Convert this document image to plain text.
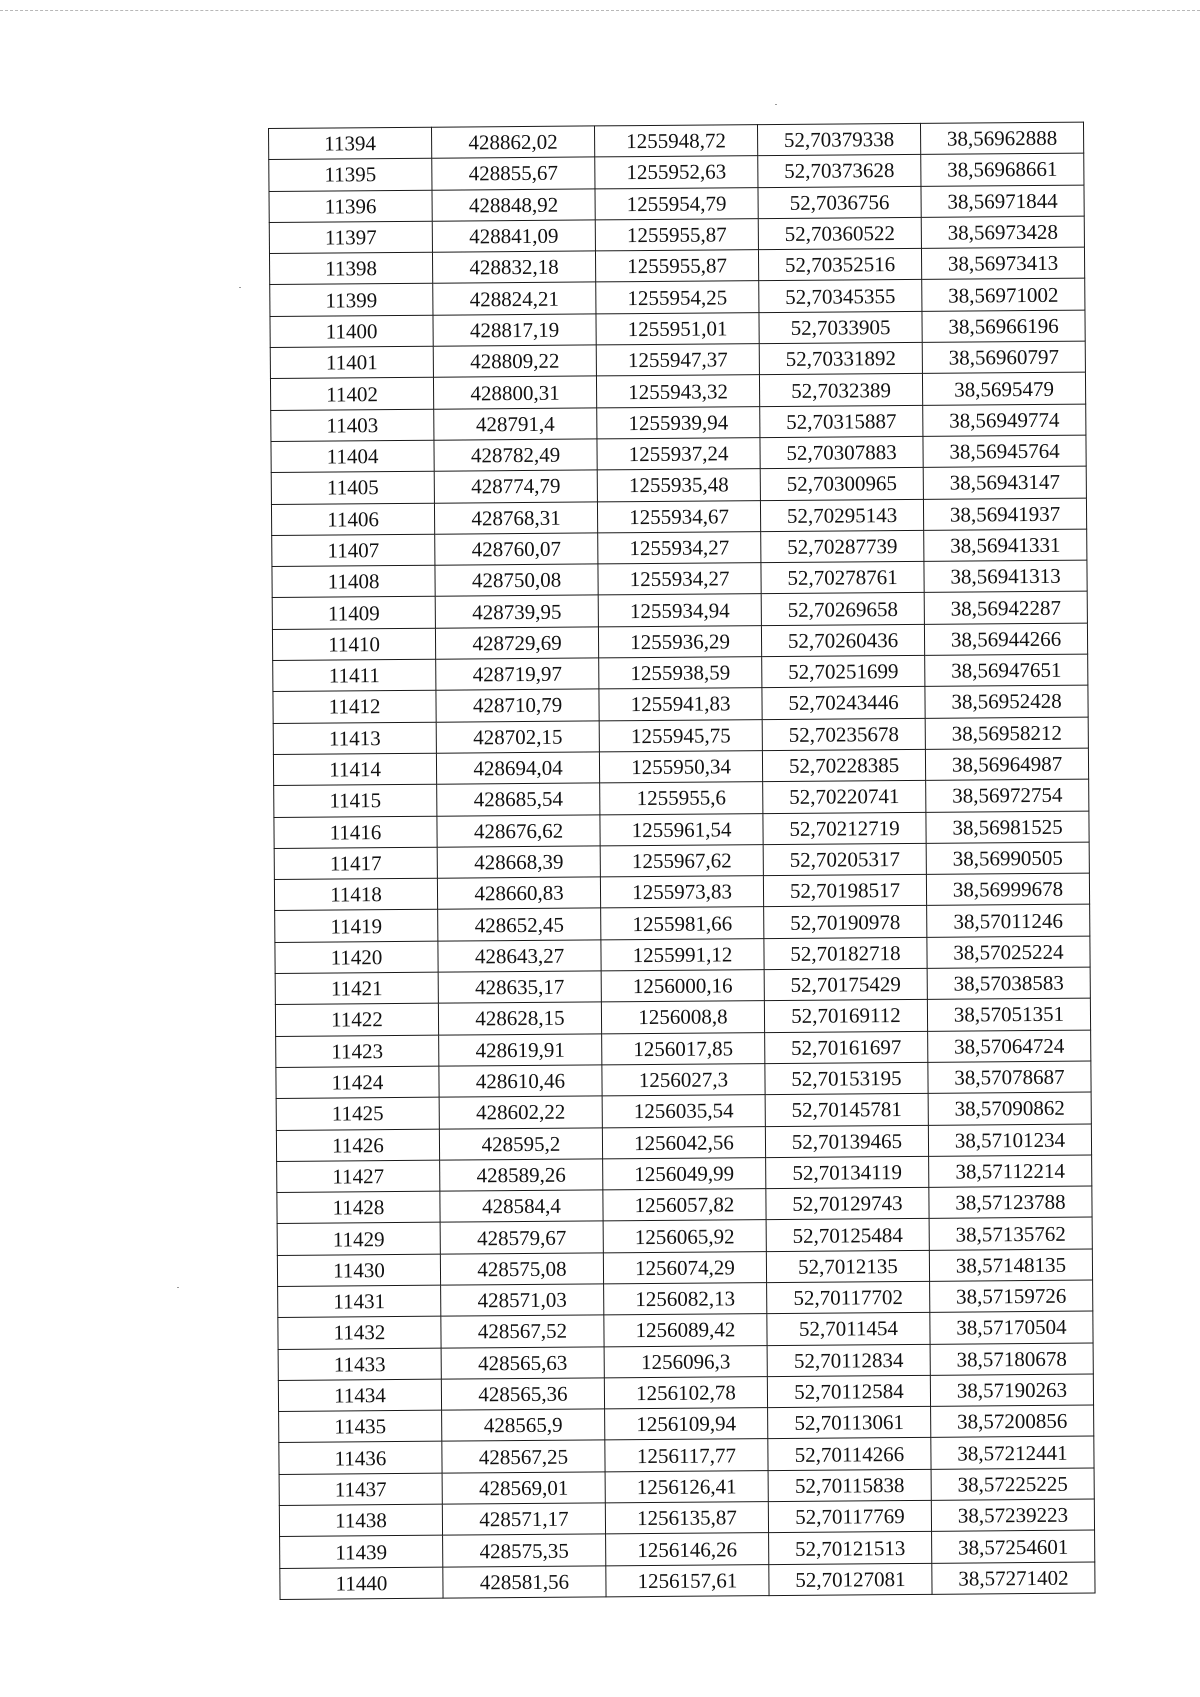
11394	428862,02	1255948,72	52,70379338	38,56962888
11395	428855,67	1255952,63	52,70373628	38,56968661
11396	428848,92	1255954,79	52,7036756	38,56971844
11397	428841,09	1255955,87	52,70360522	38,56973428
11398	428832,18	1255955,87	52,70352516	38,56973413
11399	428824,21	1255954,25	52,70345355	38,56971002
11400	428817,19	1255951,01	52,7033905	38,56966196
11401	428809,22	1255947,37	52,70331892	38,56960797
11402	428800,31	1255943,32	52,7032389	38,5695479
11403	428791,4	1255939,94	52,70315887	38,56949774
11404	428782,49	1255937,24	52,70307883	38,56945764
11405	428774,79	1255935,48	52,70300965	38,56943147
11406	428768,31	1255934,67	52,70295143	38,56941937
11407	428760,07	1255934,27	52,70287739	38,56941331
11408	428750,08	1255934,27	52,70278761	38,56941313
11409	428739,95	1255934,94	52,70269658	38,56942287
11410	428729,69	1255936,29	52,70260436	38,56944266
11411	428719,97	1255938,59	52,70251699	38,56947651
11412	428710,79	1255941,83	52,70243446	38,56952428
11413	428702,15	1255945,75	52,70235678	38,56958212
11414	428694,04	1255950,34	52,70228385	38,56964987
11415	428685,54	1255955,6	52,70220741	38,56972754
11416	428676,62	1255961,54	52,70212719	38,56981525
11417	428668,39	1255967,62	52,70205317	38,56990505
11418	428660,83	1255973,83	52,70198517	38,56999678
11419	428652,45	1255981,66	52,70190978	38,57011246
11420	428643,27	1255991,12	52,70182718	38,57025224
11421	428635,17	1256000,16	52,70175429	38,57038583
11422	428628,15	1256008,8	52,70169112	38,57051351
11423	428619,91	1256017,85	52,70161697	38,57064724
11424	428610,46	1256027,3	52,70153195	38,57078687
11425	428602,22	1256035,54	52,70145781	38,57090862
11426	428595,2	1256042,56	52,70139465	38,57101234
11427	428589,26	1256049,99	52,70134119	38,57112214
11428	428584,4	1256057,82	52,70129743	38,57123788
11429	428579,67	1256065,92	52,70125484	38,57135762
11430	428575,08	1256074,29	52,7012135	38,57148135
11431	428571,03	1256082,13	52,70117702	38,57159726
11432	428567,52	1256089,42	52,7011454	38,57170504
11433	428565,63	1256096,3	52,70112834	38,57180678
11434	428565,36	1256102,78	52,70112584	38,57190263
11435	428565,9	1256109,94	52,70113061	38,57200856
11436	428567,25	1256117,77	52,70114266	38,57212441
11437	428569,01	1256126,41	52,70115838	38,57225225
11438	428571,17	1256135,87	52,70117769	38,57239223
11439	428575,35	1256146,26	52,70121513	38,57254601
11440	428581,56	1256157,61	52,70127081	38,57271402
